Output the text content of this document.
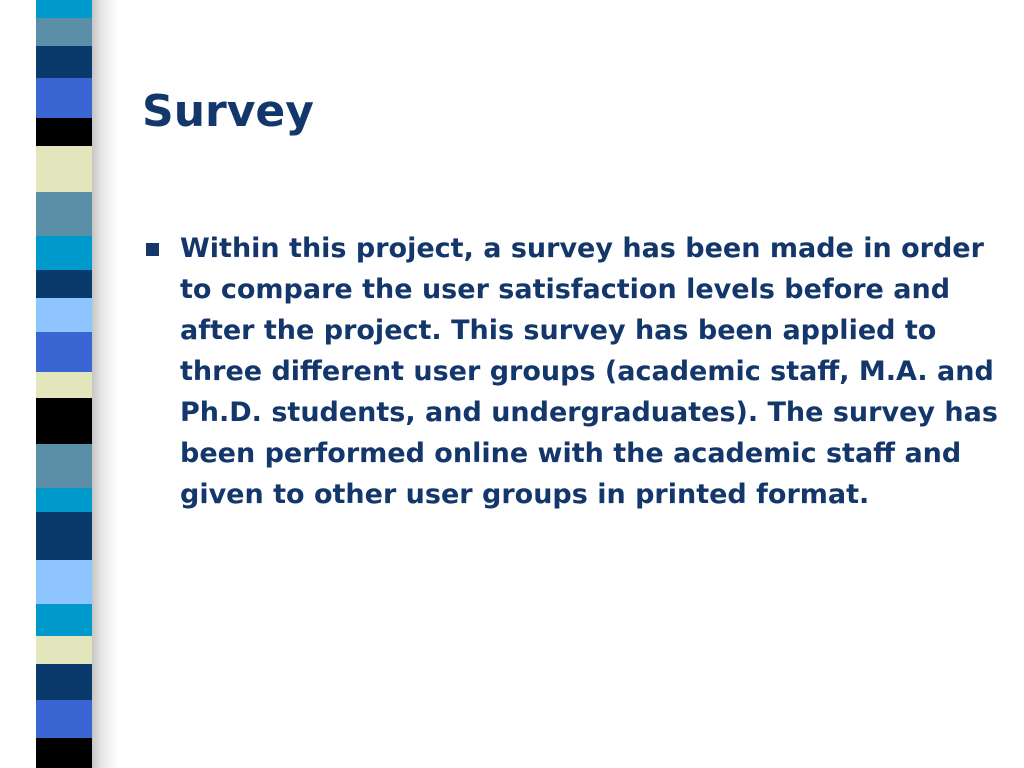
Survey
Within this project, a survey has been made in order to compare the user satisfaction levels before and after the project. This survey has been applied to three different user groups (academic staff, M.A. and Ph.D. students, and undergraduates). The survey has been performed online with the academic staff and given to other user groups in printed format.
